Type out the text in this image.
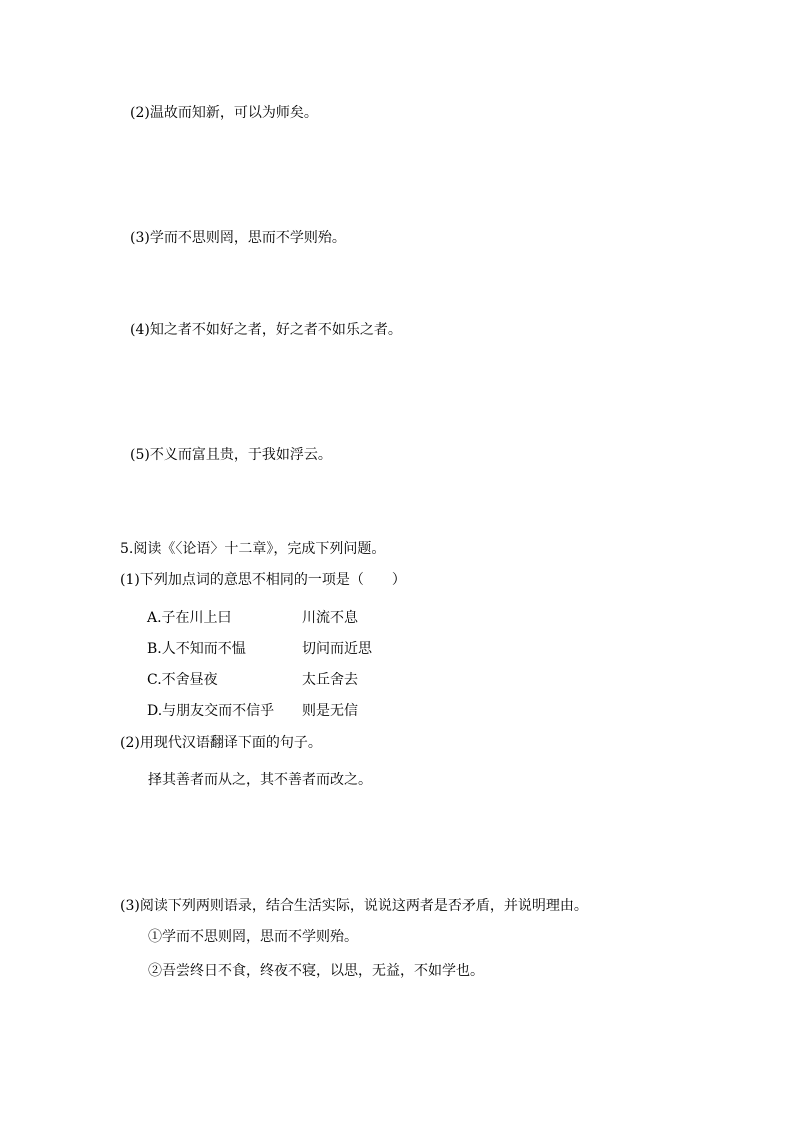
(2)温故而知新，可以为师矣。
(3)学而不思则罔，思而不学则殆。
(4)知之者不如好之者，好之者不如乐之者。
(5)不义而富且贵，于我如浮云。
5.阅读《〈论语〉十二章》，完成下列问题。
(1)下列加点词的意思不相同的一项是（　　）
A.子在川上曰	川流不息
B.人不知而不愠	切问而近思
C.不舍昼夜	太丘舍去
D.与朋友交而不信乎 则是无信
(2)用现代汉语翻译下面的句子。
择其善者而从之，其不善者而改之。
(3)阅读下列两则语录，结合生活实际，说说这两者是否矛盾，并说明理由。
①学而不思则罔，思而不学则殆。
②吾尝终日不食，终夜不寝，以思，无益，不如学也。
